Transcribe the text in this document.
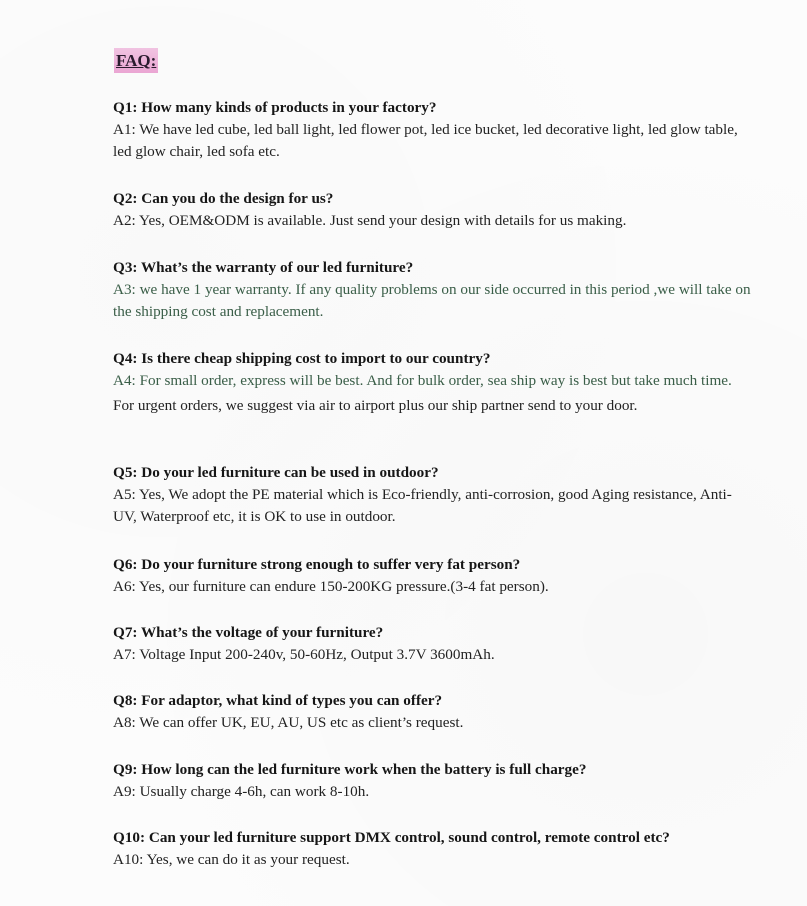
FAQ:
Q1: How many kinds of products in your factory?
A1: We have led cube, led ball light, led flower pot, led ice bucket, led decorative light, led glow table, led glow chair, led sofa etc.
Q2: Can you do the design for us?
A2: Yes, OEM&ODM is available. Just send your design with details for us making.
Q3: What’s the warranty of our led furniture?
A3: we have 1 year warranty. If any quality problems on our side occurred in this period ,we will take on the shipping cost and replacement.
Q4: Is there cheap shipping cost to import to our country?
A4: For small order, express will be best. And for bulk order, sea ship way is best but take much time.
For urgent orders, we suggest via air to airport plus our ship partner send to your door.
Q5: Do your led furniture can be used in outdoor?
A5: Yes, We adopt the PE material which is Eco-friendly, anti-corrosion, good Aging resistance, Anti-UV, Waterproof etc, it is OK to use in outdoor.
Q6: Do your furniture strong enough to suffer very fat person?
A6: Yes, our furniture can endure 150-200KG pressure.(3-4 fat person).
Q7: What’s the voltage of your furniture?
A7: Voltage Input 200-240v, 50-60Hz, Output 3.7V 3600mAh.
Q8: For adaptor, what kind of types you can offer?
A8: We can offer UK, EU, AU, US etc as client’s request.
Q9: How long can the led furniture work when the battery is full charge?
A9: Usually charge 4-6h, can work 8-10h.
Q10: Can your led furniture support DMX control, sound control, remote control etc?
A10: Yes, we can do it as your request.
